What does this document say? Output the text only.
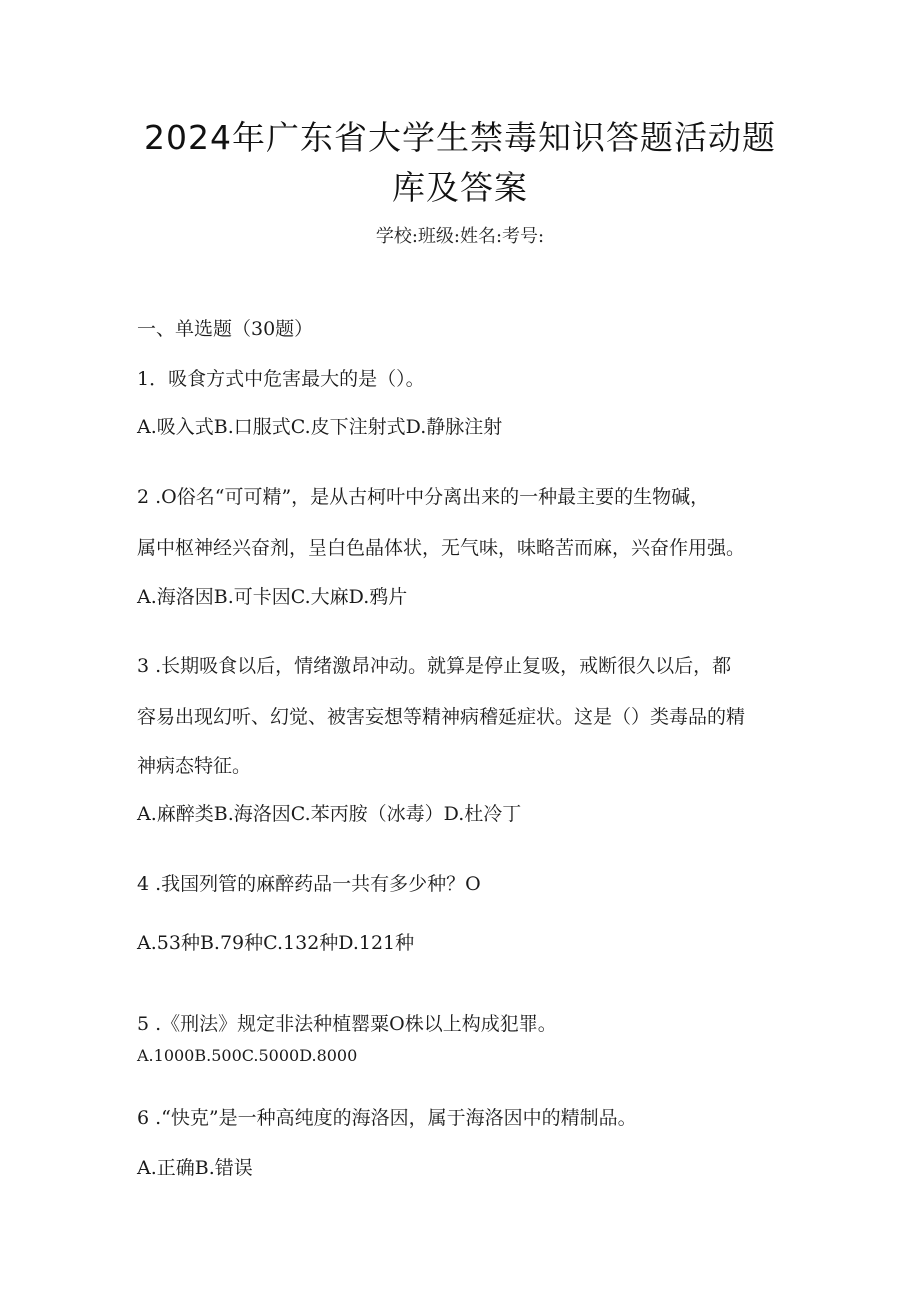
2024年广东省大学生禁毒知识答题活动题
库及答案
学校:班级:姓名:考号:
一、单选题（30题）
1．吸食方式中危害最大的是（）。
A.吸入式B.口服式C.皮下注射式D.静脉注射
2 .O俗名“可可精”，是从古柯叶中分离出来的一种最主要的生物碱，
属中枢神经兴奋剂，呈白色晶体状，无气味，味略苦而麻，兴奋作用强。
A.海洛因B.可卡因C.大麻D.鸦片
3 .长期吸食以后，情绪激昂冲动。就算是停止复吸，戒断很久以后，都
容易出现幻听、幻觉、被害妄想等精神病稽延症状。这是（）类毒品的精
神病态特征。
A.麻醉类B.海洛因C.苯丙胺（冰毒）D.杜冷丁
4 .我国列管的麻醉药品一共有多少种？O
A.53种B.79种C.132种D.121种
5 .《刑法》规定非法种植罂粟O株以上构成犯罪。
A.1000B.500C.5000D.8000
6 .“快克”是一种高纯度的海洛因，属于海洛因中的精制品。
A.正确B.错误
